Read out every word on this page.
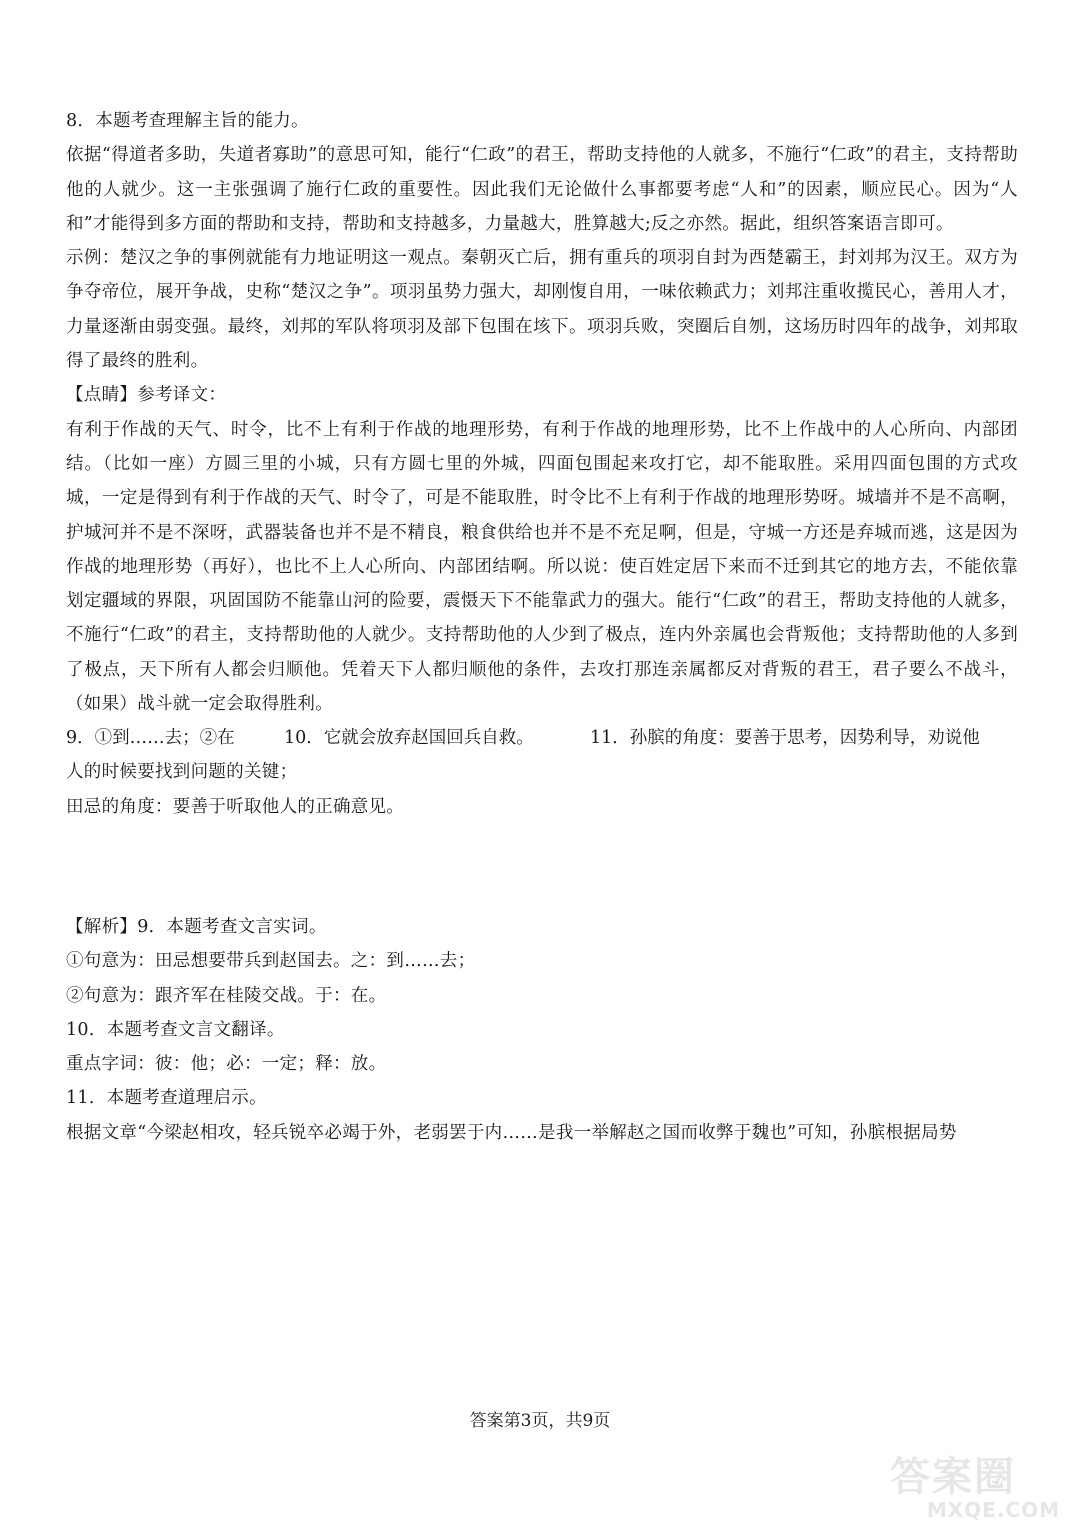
8．本题考查理解主旨的能力。

依据“得道者多助，失道者寡助”的意思可知，能行“仁政”的君王，帮助支持他的人就多，不施行“仁政”的君主，支持帮助他的人就少。这一主张强调了施行仁政的重要性。因此我们无论做什么事都要考虑“人和”的因素，顺应民心。因为“人和”才能得到多方面的帮助和支持，帮助和支持越多，力量越大，胜算越大;反之亦然。据此，组织答案语言即可。

示例：楚汉之争的事例就能有力地证明这一观点。秦朝灭亡后，拥有重兵的项羽自封为西楚霸王，封刘邦为汉王。双方为争夺帝位，展开争战，史称“楚汉之争”。项羽虽势力强大，却刚愎自用，一味依赖武力；刘邦注重收揽民心，善用人才，力量逐渐由弱变强。最终，刘邦的军队将项羽及部下包围在垓下。项羽兵败，突圈后自刎，这场历时四年的战争，刘邦取得了最终的胜利。

【点睛】参考译文：

有利于作战的天气、时令，比不上有利于作战的地理形势，有利于作战的地理形势，比不上作战中的人心所向、内部团结。（比如一座）方圆三里的小城，只有方圆七里的外城，四面包围起来攻打它，却不能取胜。采用四面包围的方式攻城，一定是得到有利于作战的天气、时令了，可是不能取胜，时令比不上有利于作战的地理形势呀。城墙并不是不高啊，护城河并不是不深呀，武器装备也并不是不精良，粮食供给也并不是不充足啊，但是，守城一方还是弃城而逃，这是因为作战的地理形势（再好），也比不上人心所向、内部团结啊。所以说：使百姓定居下来而不迁到其它的地方去，不能依靠划定疆域的界限，巩固国防不能靠山河的险要，震慑天下不能靠武力的强大。能行“仁政”的君王，帮助支持他的人就多，不施行“仁政”的君主，支持帮助他的人就少。支持帮助他的人少到了极点，连内外亲属也会背叛他；支持帮助他的人多到了极点，天下所有人都会归顺他。凭着天下人都归顺他的条件，去攻打那连亲属都反对背叛的君王，君子要么不战斗，（如果）战斗就一定会取得胜利。

9．①到……去；②在	10．它就会放弃赵国回兵自救。	11．孙膑的角度：要善于思考，因势利导，劝说他

人的时候要找到问题的关键；

田忌的角度：要善于听取他人的正确意见。

【解析】9．本题考查文言实词。

①句意为：田忌想要带兵到赵国去。之：到……去；

②句意为：跟齐军在桂陵交战。于：在。

10．本题考查文言文翻译。

重点字词：彼：他；必：一定；释：放。

11．本题考查道理启示。

根据文章“今梁赵相攻，轻兵锐卒必竭于外，老弱罢于内……是我一举解赵之国而收弊于魏也”可知，孙膑根据局势

答案第3页，共9页
答案圈
MXQE.COM
